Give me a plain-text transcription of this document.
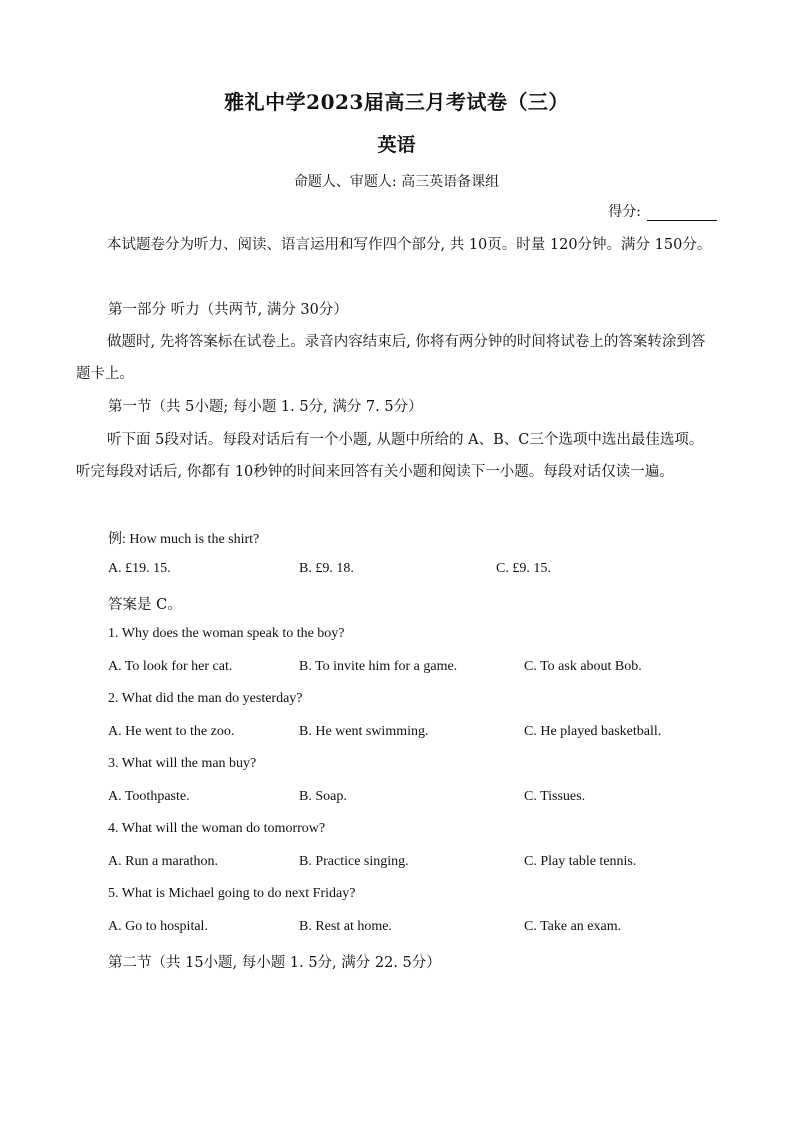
雅礼中学2023届高三月考试卷（三）
英语
命题人、审题人: 高三英语备课组
得分:
本试题卷分为听力、阅读、语言运用和写作四个部分, 共 10页。时量 120分钟。满分 150分。
第一部分 听力（共两节, 满分 30分）
做题时, 先将答案标在试卷上。录音内容结束后, 你将有两分钟的时间将试卷上的答案转涂到答题卡上。
第一节（共 5小题; 每小题 1. 5分, 满分 7. 5分）
听下面 5段对话。每段对话后有一个小题, 从题中所给的 A、B、C三个选项中选出最佳选项。听完每段对话后, 你都有 10秒钟的时间来回答有关小题和阅读下一小题。每段对话仅读一遍。
例: How much is the shirt?
A. £19. 15.	B. £9. 18.	C. £9. 15.
答案是 C。
1. Why does the woman speak to the boy?
A. To look for her cat.	B. To invite him for a game.	C. To ask about Bob.
2. What did the man do yesterday?
A. He went to the zoo.	B. He went swimming.	C. He played basketball.
3. What will the man buy?
A. Toothpaste.	B. Soap.	C. Tissues.
4. What will the woman do tomorrow?
A. Run a marathon.	B. Practice singing.	C. Play table tennis.
5. What is Michael going to do next Friday?
A. Go to hospital.	B. Rest at home.	C. Take an exam.
第二节（共 15小题, 每小题 1. 5分, 满分 22. 5分）
